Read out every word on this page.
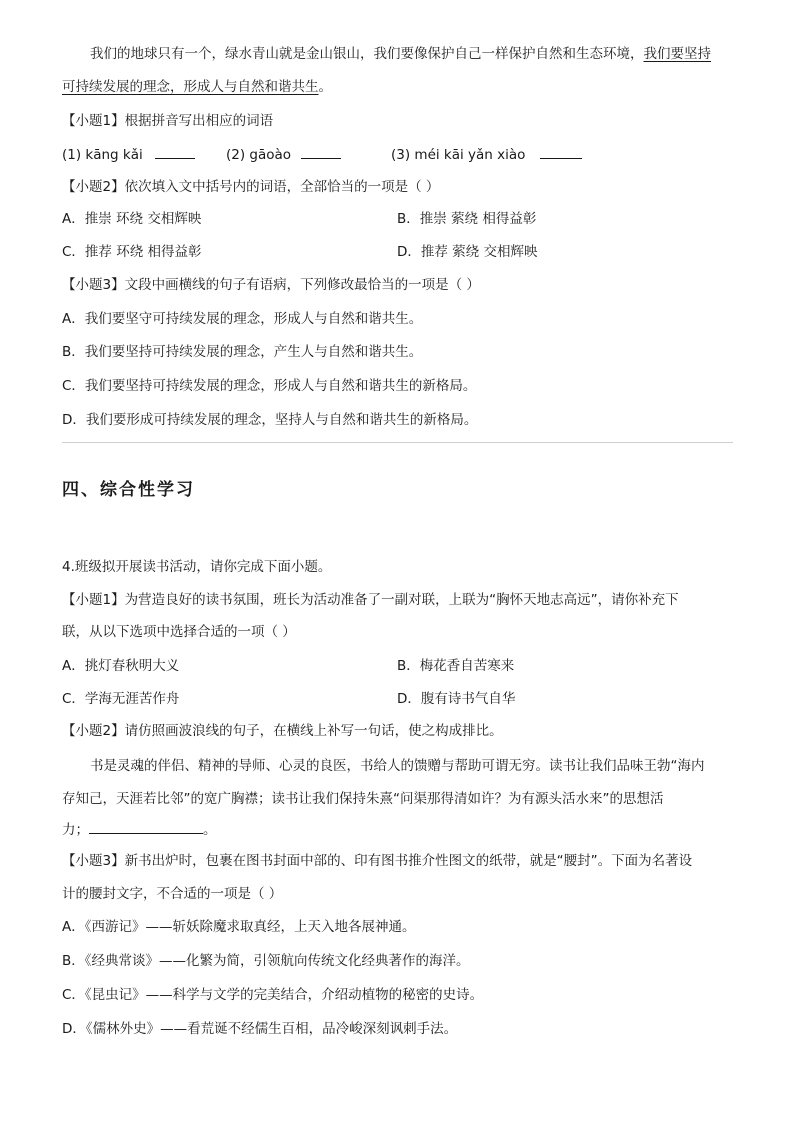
我们的地球只有一个，绿水青山就是金山银山，我们要像保护自己一样保护自然和生态环境，我们要坚持
可持续发展的理念，形成人与自然和谐共生。
【小题1】根据拼音写出相应的词语
(1) kāng kǎi	(2) gāoào	(3) méi kāi yǎn xiào
【小题2】依次填入文中括号内的词语，全部恰当的一项是（ ）
A．推崇 环绕 交相辉映	B．推崇 萦绕 相得益彰
C．推荐 环绕 相得益彰	D．推荐 萦绕 交相辉映
【小题3】文段中画横线的句子有语病，下列修改最恰当的一项是（ ）
A．我们要坚守可持续发展的理念，形成人与自然和谐共生。
B．我们要坚持可持续发展的理念，产生人与自然和谐共生。
C．我们要坚持可持续发展的理念，形成人与自然和谐共生的新格局。
D．我们要形成可持续发展的理念，坚持人与自然和谐共生的新格局。
四、综合性学习
4.班级拟开展读书活动，请你完成下面小题。
【小题1】为营造良好的读书氛围，班长为活动准备了一副对联，上联为“胸怀天地志高远”，请你补充下
联，从以下选项中选择合适的一项（ ）
A．挑灯春秋明大义	B．梅花香自苦寒来
C．学海无涯苦作舟	D．腹有诗书气自华
【小题2】请仿照画波浪线的句子，在横线上补写一句话，使之构成排比。
书是灵魂的伴侣、精神的导师、心灵的良医，书给人的馈赠与帮助可谓无穷。读书让我们品味王勃“海内
存知己，天涯若比邻”的宽广胸襟；读书让我们保持朱熹“问渠那得清如许？为有源头活水来”的思想活
力；	。
【小题3】新书出炉时，包裹在图书封面中部的、印有图书推介性图文的纸带，就是“腰封”。下面为名著设
计的腰封文字，不合适的一项是（ ）
A．《西游记》——斩妖除魔求取真经，上天入地各展神通。
B．《经典常谈》——化繁为简，引领航向传统文化经典著作的海洋。
C．《昆虫记》——科学与文学的完美结合，介绍动植物的秘密的史诗。
D．《儒林外史》——看荒诞不经儒生百相，品冷峻深刻讽刺手法。
